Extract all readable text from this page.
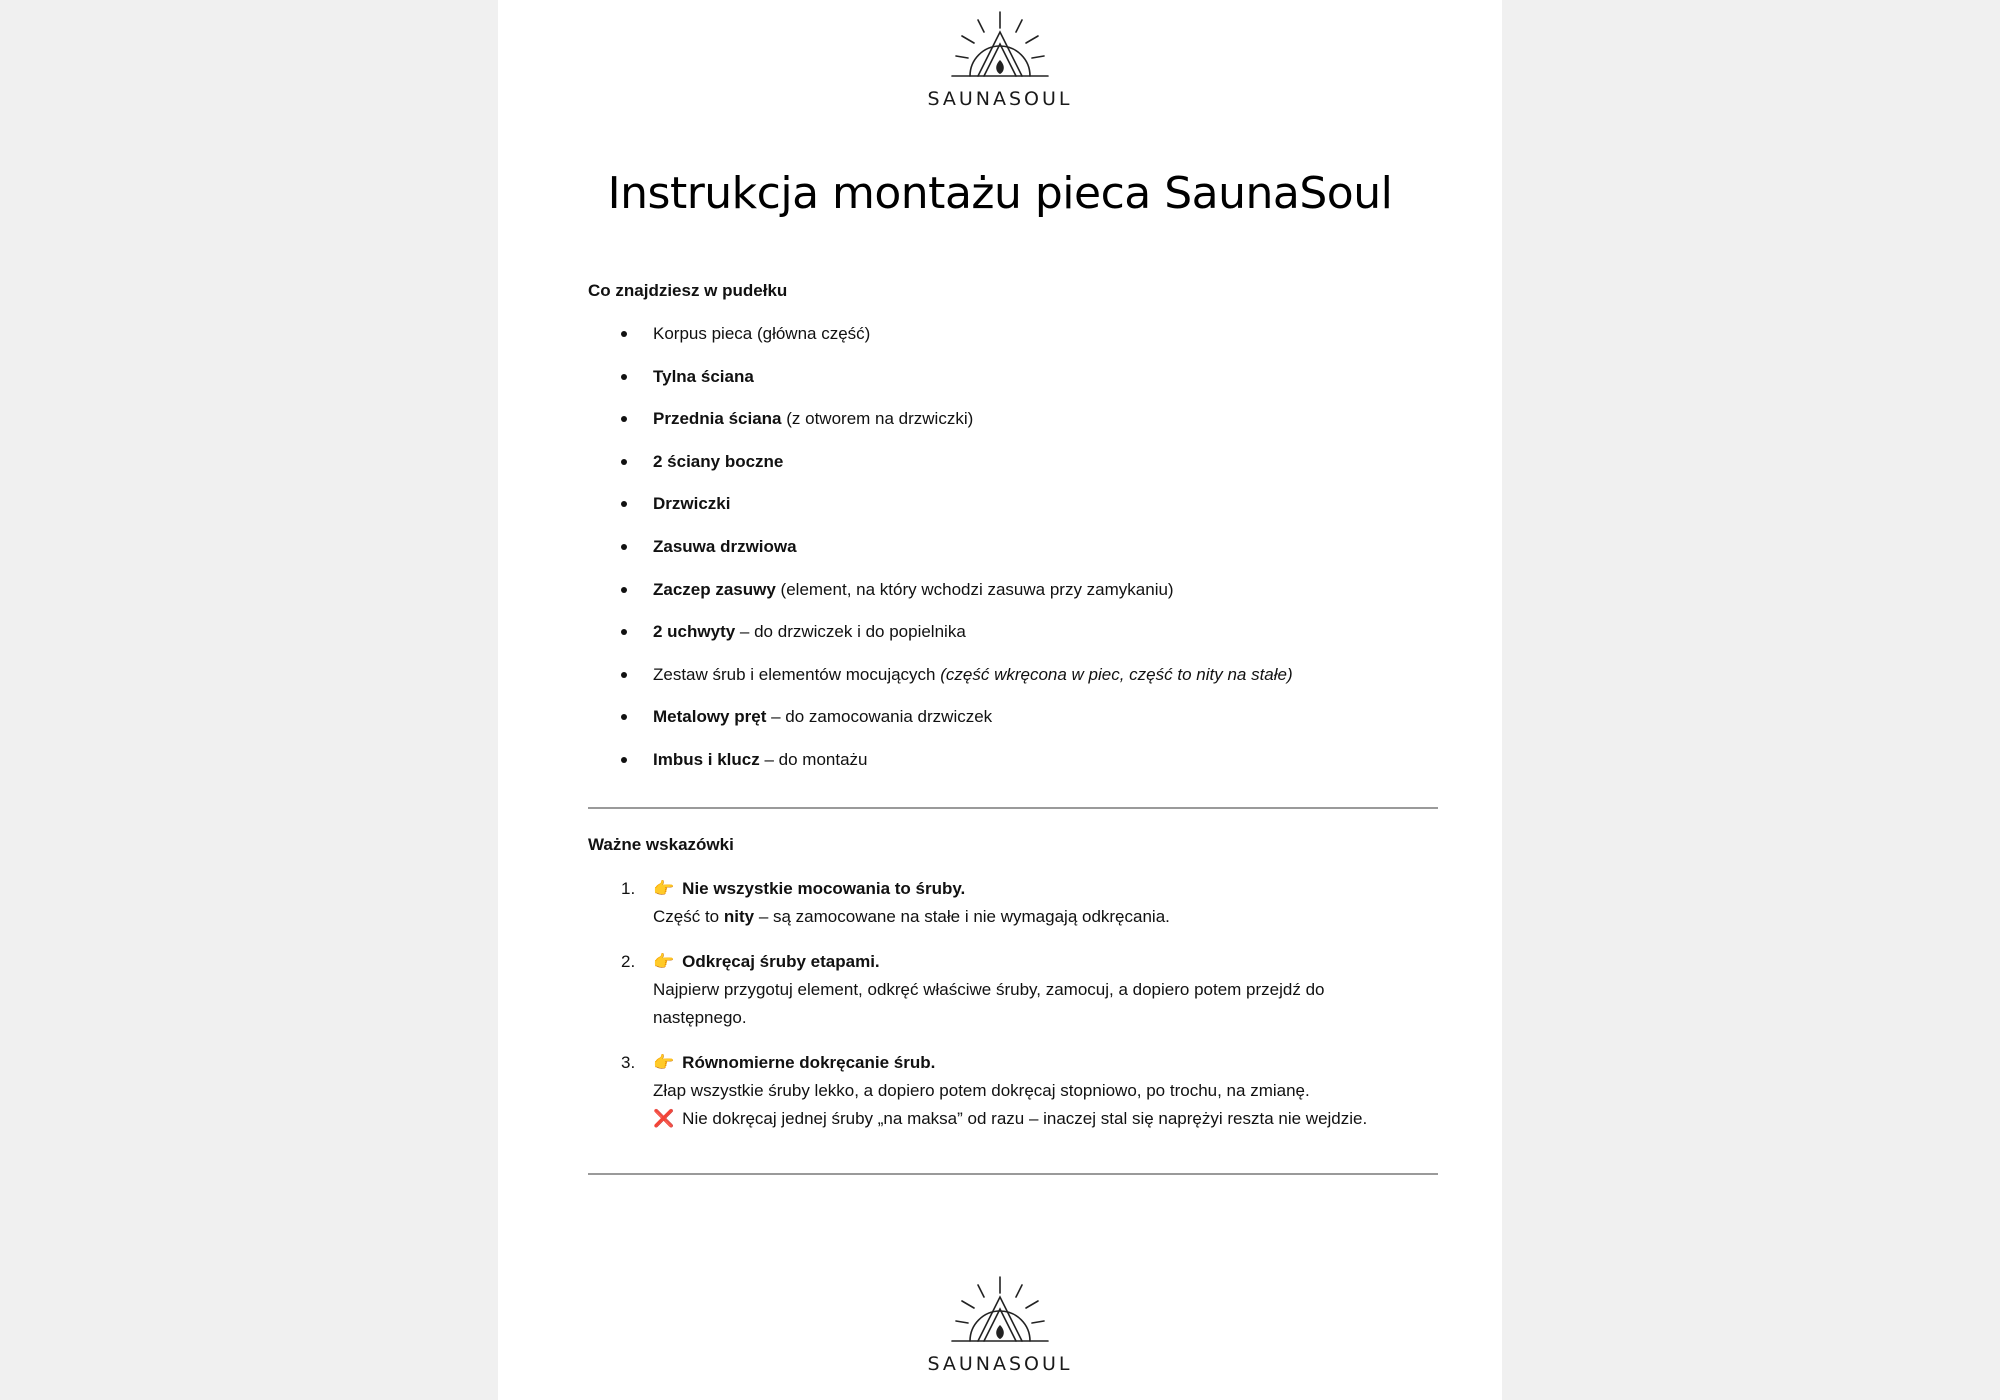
SAUNASOUL
Instrukcja montażu pieca SaunaSoul
Co znajdziesz w pudełku
Korpus pieca (główna część)
Tylna ściana
Przednia ściana (z otworem na drzwiczki)
2 ściany boczne
Drzwiczki
Zasuwa drzwiowa
Zaczep zasuwy (element, na który wchodzi zasuwa przy zamykaniu)
2 uchwyty – do drzwiczek i do popielnika
Zestaw śrub i elementów mocujących (część wkręcona w piec, część to nity na stałe)
Metalowy pręt – do zamocowania drzwiczek
Imbus i klucz – do montażu
Ważne wskazówki
1. 👉 Nie wszystkie mocowania to śruby.
Część to nity – są zamocowane na stałe i nie wymagają odkręcania.
2. 👉 Odkręcaj śruby etapami.
Najpierw przygotuj element, odkręć właściwe śruby, zamocuj, a dopiero potem przejdź do następnego.
3. 👉 Równomierne dokręcanie śrub.
Złap wszystkie śruby lekko, a dopiero potem dokręcaj stopniowo, po trochu, na zmianę.
❌ Nie dokręcaj jednej śruby „na maksa” od razu – inaczej stal się naprężyi reszta nie wejdzie.
SAUNASOUL
